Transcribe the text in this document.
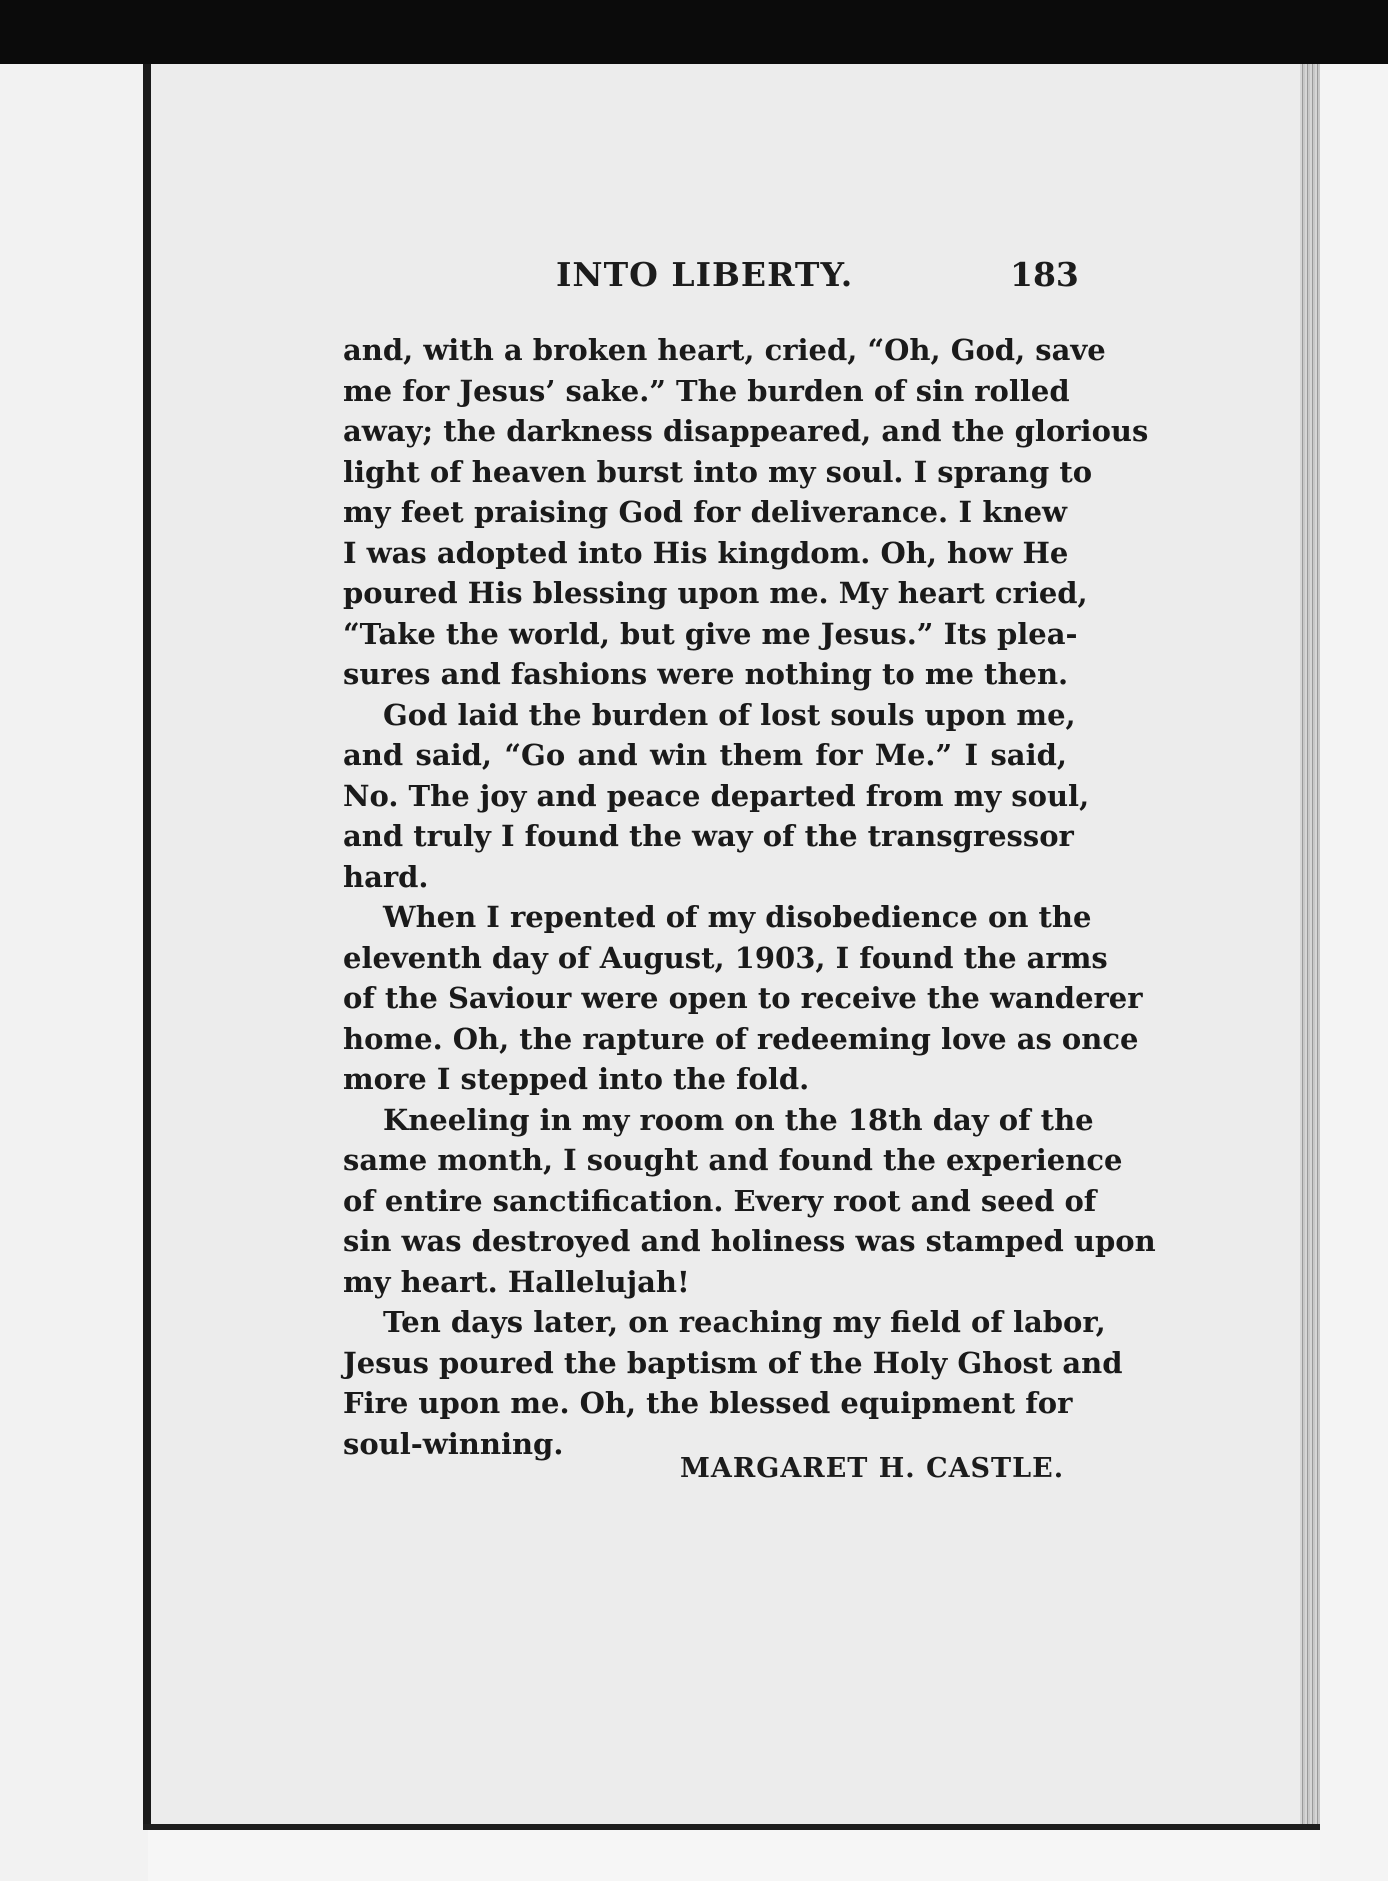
INTO LIBERTY.	183
and, with a broken heart, cried, “Oh, God, save
me for Jesus’ sake.” The burden of sin rolled
away; the darkness disappeared, and the glorious
light of heaven burst into my soul. I sprang to
my feet praising God for deliverance. I knew
I was adopted into His kingdom. Oh, how He
poured His blessing upon me. My heart cried,
“Take the world, but give me Jesus.” Its plea-
sures and fashions were nothing to me then.
God laid the burden of lost souls upon me,
and said, “Go and win them for Me.” I said,
No. The joy and peace departed from my soul,
and truly I found the way of the transgressor
hard.
When I repented of my disobedience on the
eleventh day of August, 1903, I found the arms
of the Saviour were open to receive the wanderer
home. Oh, the rapture of redeeming love as once
more I stepped into the fold.
Kneeling in my room on the 18th day of the
same month, I sought and found the experience
of entire sanctification. Every root and seed of
sin was destroyed and holiness was stamped upon
my heart. Hallelujah!
Ten days later, on reaching my field of labor,
Jesus poured the baptism of the Holy Ghost and
Fire upon me. Oh, the blessed equipment for
soul-winning.
MARGARET H. CASTLE.
